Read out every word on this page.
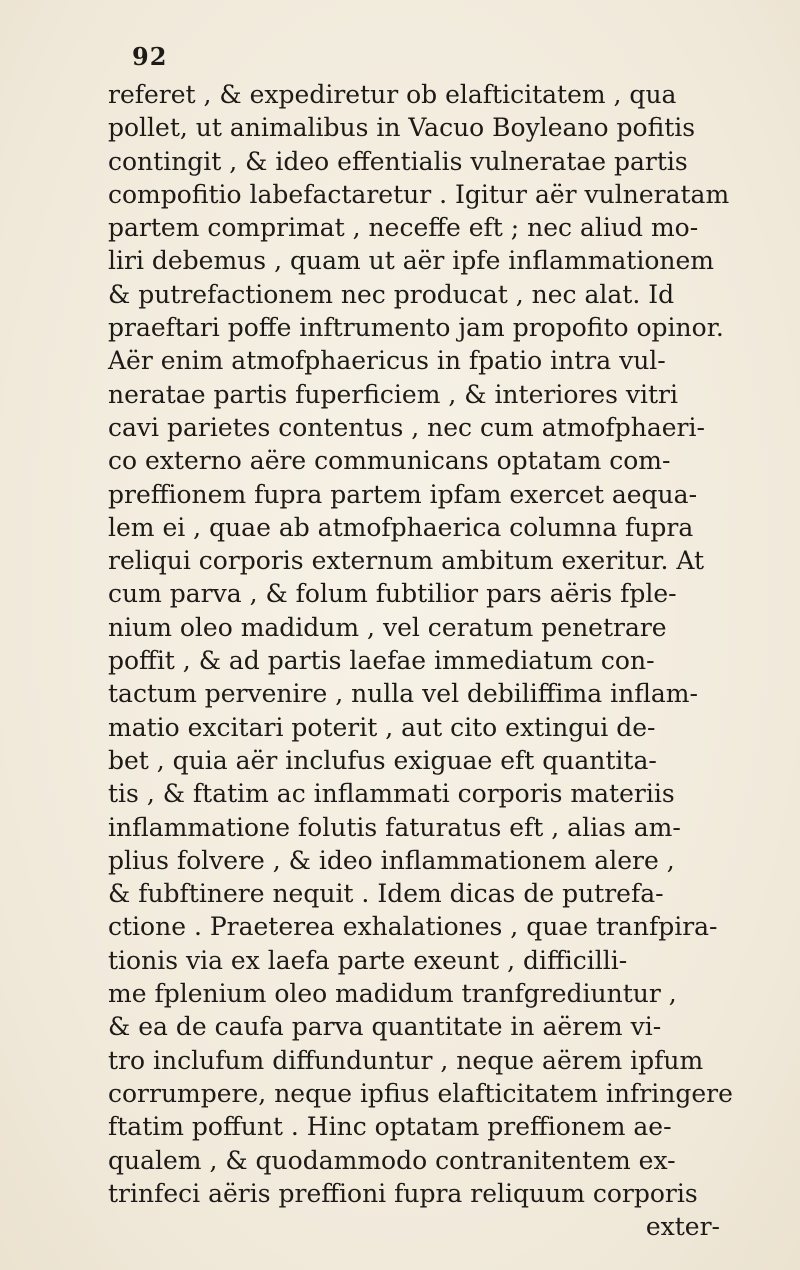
92
referet , & expediretur ob elafticitatem , qua
pollet, ut animalibus in Vacuo Boyleano pofitis
contingit , & ideo effentialis vulneratae partis
compofitio labefactaretur . Igitur aër vulneratam
partem comprimat , neceffe eft ; nec aliud mo-
liri debemus , quam ut aër ipfe inflammationem
& putrefactionem nec producat , nec alat. Id
praeftari poffe inftrumento jam propofito opinor.
Aër enim atmofphaericus in fpatio intra vul-
neratae partis fuperficiem , & interiores vitri
cavi parietes contentus , nec cum atmofphaeri-
co externo aëre communicans optatam com-
preffionem fupra partem ipfam exercet aequa-
lem ei , quae ab atmofphaerica columna fupra
reliqui corporis externum ambitum exeritur. At
cum parva , & folum fubtilior pars aëris fple-
nium oleo madidum , vel ceratum penetrare
poffit , & ad partis laefae immediatum con-
tactum pervenire , nulla vel debiliffima inflam-
matio excitari poterit , aut cito extingui de-
bet , quia aër inclufus exiguae eft quantita-
tis , & ftatim ac inflammati corporis materiis
inflammatione folutis faturatus eft , alias am-
plius folvere , & ideo inflammationem alere ,
& fubftinere nequit . Idem dicas de putrefa-
ctione . Praeterea exhalationes , quae tranfpira-
tionis via ex laefa parte exeunt , difficilli-
me fplenium oleo madidum tranfgrediuntur ,
& ea de caufa parva quantitate in aërem vi-
tro inclufum diffunduntur , neque aërem ipfum
corrumpere, neque ipfius elafticitatem infringere
ftatim poffunt . Hinc optatam preffionem ae-
qualem , & quodammodo contranitentem ex-
trinfeci aëris preffioni fupra reliquum corporis
exter-
